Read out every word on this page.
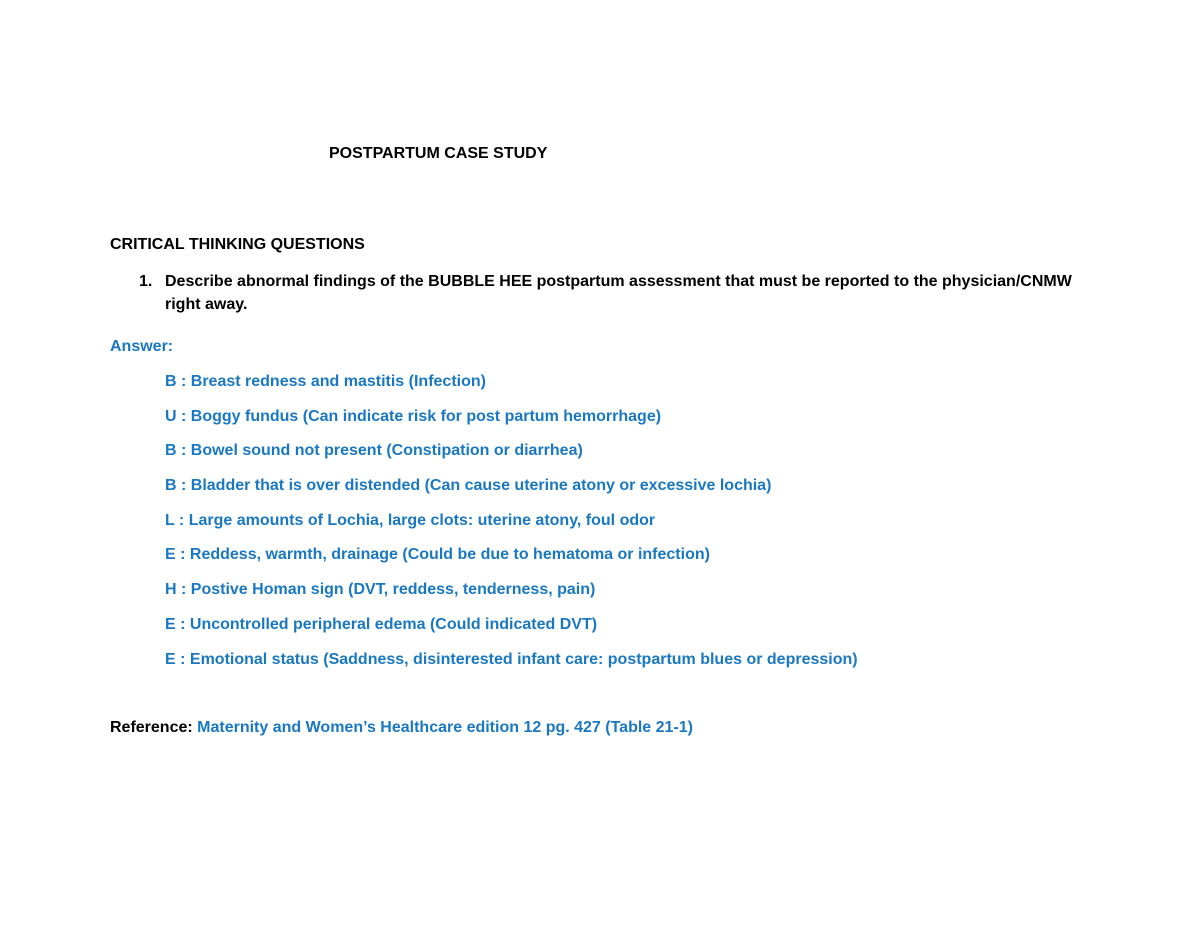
POSTPARTUM CASE STUDY
CRITICAL THINKING QUESTIONS
1. Describe abnormal findings of the BUBBLE HEE postpartum assessment that must be reported to the physician/CNMW right away.
Answer:
B : Breast redness and mastitis (Infection)
U : Boggy fundus (Can indicate risk for post partum hemorrhage)
B : Bowel sound not present (Constipation or diarrhea)
B : Bladder that is over distended (Can cause uterine atony or excessive lochia)
L : Large amounts of Lochia, large clots: uterine atony, foul odor
E : Reddess, warmth, drainage (Could be due to hematoma or infection)
H : Postive Homan sign (DVT, reddess, tenderness, pain)
E : Uncontrolled peripheral edema (Could indicated DVT)
E : Emotional status (Saddness, disinterested infant care: postpartum blues or depression)
Reference: Maternity and Women’s Healthcare edition 12 pg. 427 (Table 21-1)
